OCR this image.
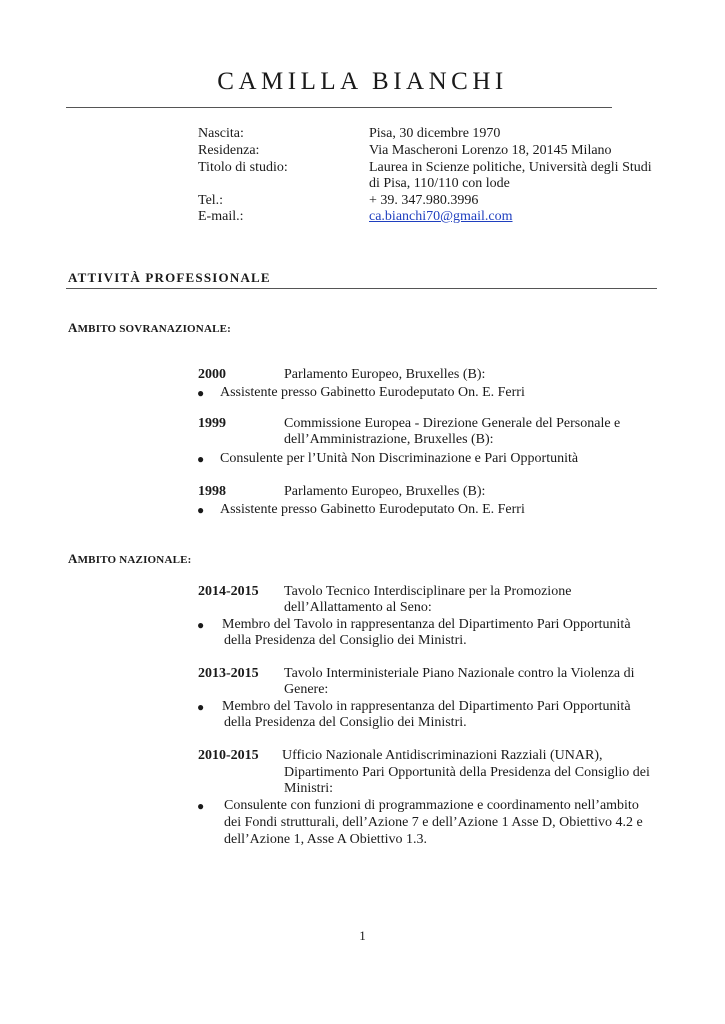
CAMILLA BIANCHI
Nascita:	Pisa, 30 dicembre 1970
Residenza:	Via Mascheroni Lorenzo 18, 20145 Milano
Titolo di studio:	Laurea in Scienze politiche, Università degli Studi
di Pisa, 110/110 con lode
Tel.:	+ 39. 347.980.3996
E-mail.:	ca.bianchi70@gmail.com
ATTIVITÀ PROFESSIONALE
AMBITO SOVRANAZIONALE:
2000	Parlamento Europeo, Bruxelles (B):
● Assistente presso Gabinetto Eurodeputato On. E. Ferri
1999	Commissione Europea - Direzione Generale del Personale e
dell’Amministrazione, Bruxelles (B):
● Consulente per l’Unità Non Discriminazione e Pari Opportunità
1998	Parlamento Europeo, Bruxelles (B):
● Assistente presso Gabinetto Eurodeputato On. E. Ferri
AMBITO NAZIONALE:
2014-2015 Tavolo Tecnico Interdisciplinare per la Promozione
dell’Allattamento al Seno:
● Membro del Tavolo in rappresentanza del Dipartimento Pari Opportunità
della Presidenza del Consiglio dei Ministri.
2013-2015 Tavolo Interministeriale Piano Nazionale contro la Violenza di
Genere:
● Membro del Tavolo in rappresentanza del Dipartimento Pari Opportunità
della Presidenza del Consiglio dei Ministri.
2010-2015 Ufficio Nazionale Antidiscriminazioni Razziali (UNAR),
Dipartimento Pari Opportunità della Presidenza del Consiglio dei
Ministri:
● Consulente con funzioni di programmazione e coordinamento nell’ambito
dei Fondi strutturali, dell’Azione 7 e dell’Azione 1 Asse D, Obiettivo 4.2 e
dell’Azione 1, Asse A Obiettivo 1.3.
1
